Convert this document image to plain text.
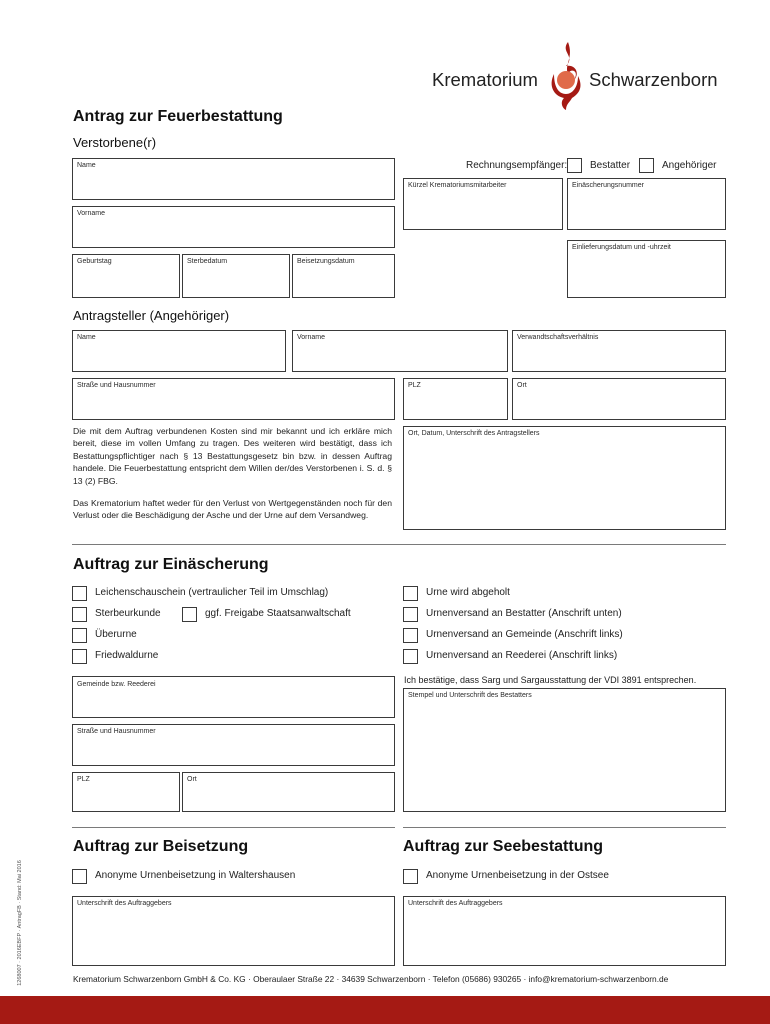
Krematorium	Schwarzenborn
Antrag zur Feuerbestattung
Verstorbene(r)
Name	Rechnungsempfänger: Bestatter	Angehöriger
Kürzel Krematoriumsmitarbeiter	Einäscherungsnummer
Vorname
Einlieferungsdatum und -uhrzeit
Geburtstag	Sterbedatum	Beisetzungsdatum
Antragsteller (Angehöriger)
Name	Vorname	Verwandtschaftsverhältnis
Straße und Hausnummer	PLZ	Ort

Die mit dem Auftrag verbundenen Kosten sind mir bekannt und ich erkläre mich bereit, diese im vollen Umfang zu tragen. Des weiteren wird bestätigt, dass ich Bestattungspflichtiger nach § 13 Bestattungsgesetz bin bzw. in dessen Auftrag handele. Die Feuerbestattung entspricht dem Willen der/des Verstorbenen i. S. d. § 13 (2) FBG.

Das Krematorium haftet weder für den Verlust von Wertgegenständen noch für den Verlust oder die Beschädigung der Asche und der Urne auf dem Versandweg.

Ort, Datum, Unterschrift des Antragstellers
Auftrag zur Einäscherung
Leichenschauschein (vertraulicher Teil im Umschlag)
Sterbeurkunde	ggf. Freigabe Staatsanwaltschaft
Überurne
Friedwaldurne
Urne wird abgeholt
Urnenversand an Bestatter (Anschrift unten)
Urnenversand an Gemeinde (Anschrift links)
Urnenversand an Reederei (Anschrift links)
Gemeinde bzw. Reederei	Ich bestätige, dass Sarg und Sargausstattung der VDI 3891 entsprechen.
Stempel und Unterschrift des Bestatters
Straße und Hausnummer
PLZ	Ort
Auftrag zur Beisetzung	Auftrag zur Seebestattung
Anonyme Urnenbeisetzung in Waltershausen	Anonyme Urnenbeisetzung in der Ostsee
Unterschrift des Auftraggebers	Unterschrift des Auftraggebers
1268007 · 2016EBFP · AntragFB · Stand: Mai 2016	Krematorium Schwarzenborn GmbH & Co. KG · Oberaulaer Straße 22 · 34639 Schwarzenborn · Telefon (05686) 930265 · info@krematorium-schwarzenborn.de
